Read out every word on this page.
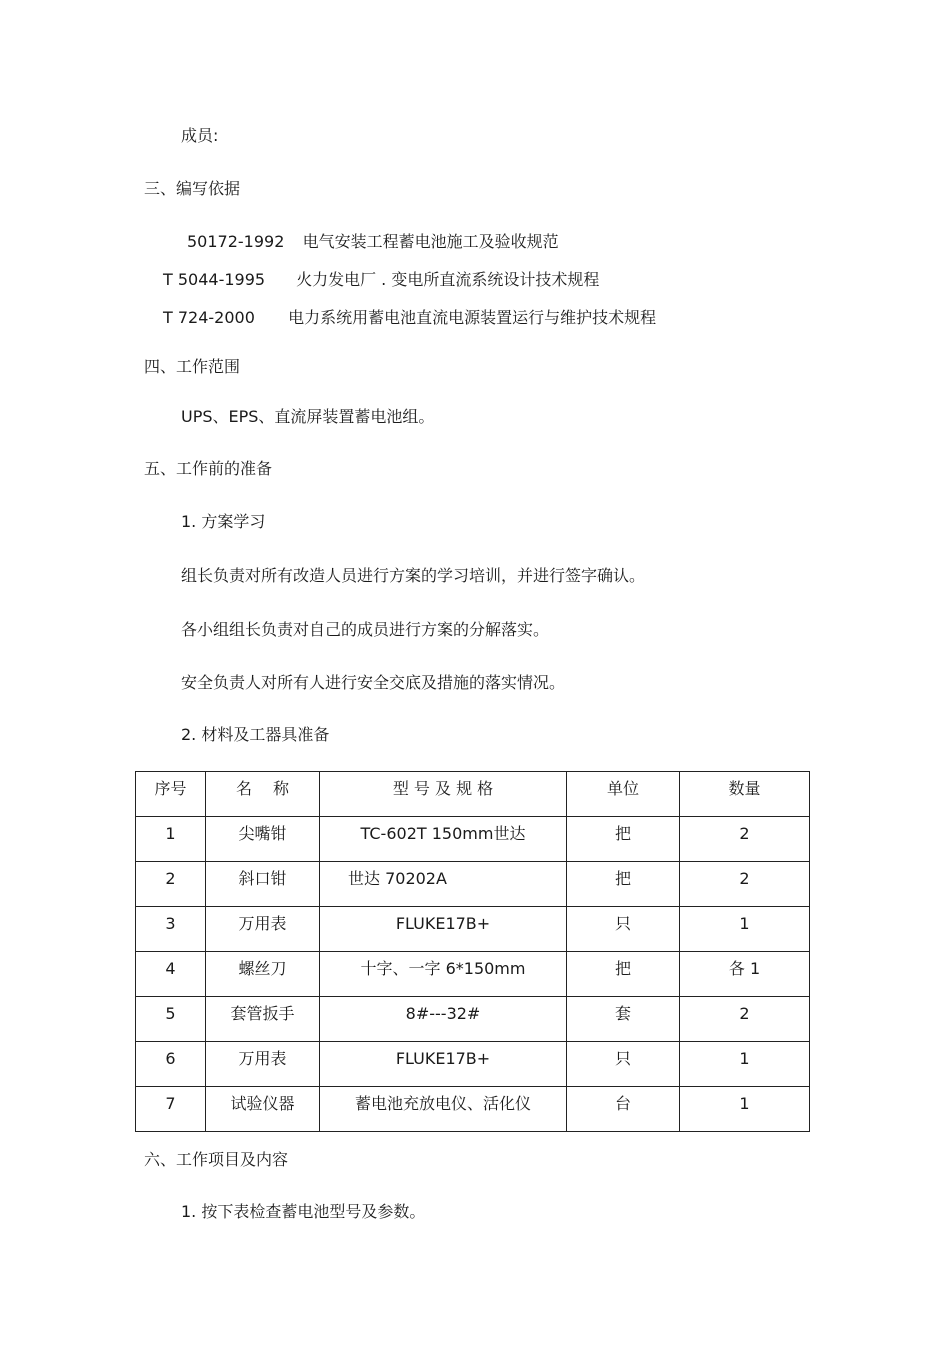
成员:
三、编写依据
50172-1992 电气安装工程蓄电池施工及验收规范
T 5044-1995 火力发电厂 . 变电所直流系统设计技术规程
T 724-2000 电力系统用蓄电池直流电源装置运行与维护技术规程
四、工作范围
UPS、EPS、直流屏装置蓄电池组。
五、工作前的准备
1. 方案学习
组长负责对所有改造人员进行方案的学习培训，并进行签字确认。
各小组组长负责对自己的成员进行方案的分解落实。
安全负责人对所有人进行安全交底及措施的落实情况。
2. 材料及工器具准备
序号	名　 称	型 号 及 规 格	单位	数量
1	尖嘴钳	TC-602T 150mm世达	把	2
2	斜口钳	世达 70202A	把	2
3	万用表	FLUKE17B+	只	1
4	螺丝刀	十字、一字 6*150mm	把	各 1
5	套管扳手	8#---32#	套	2
6	万用表	FLUKE17B+	只	1
7	试验仪器	蓄电池充放电仪、活化仪	台	1
六、工作项目及内容
1. 按下表检查蓄电池型号及参数。
